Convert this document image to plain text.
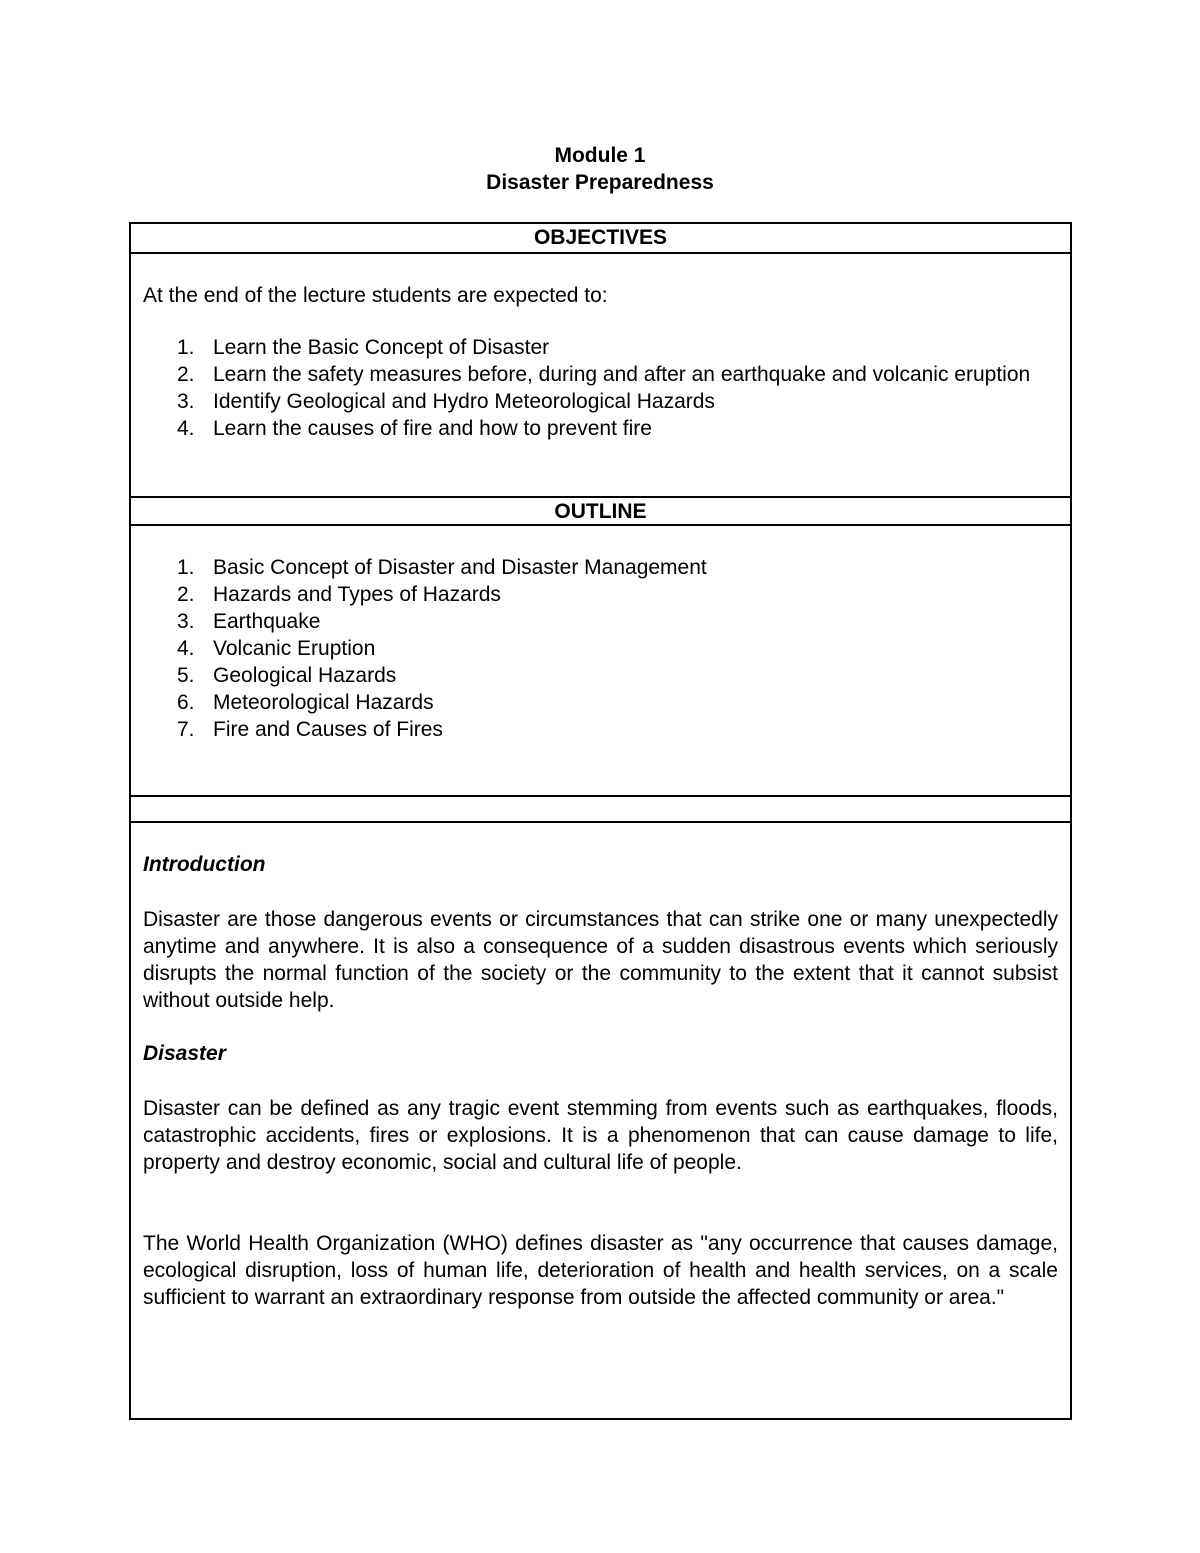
Module 1
Disaster Preparedness
OBJECTIVES
At the end of the lecture students are expected to:
1. Learn the Basic Concept of Disaster
2. Learn the safety measures before, during and after an earthquake and volcanic eruption
3. Identify Geological and Hydro Meteorological Hazards
4. Learn the causes of fire and how to prevent fire
OUTLINE
1. Basic Concept of Disaster and Disaster Management
2. Hazards and Types of Hazards
3. Earthquake
4. Volcanic Eruption
5. Geological Hazards
6. Meteorological Hazards
7. Fire and Causes of Fires
Introduction

Disaster are those dangerous events or circumstances that can strike one or many unexpectedly anytime and anywhere. It is also a consequence of a sudden disastrous events which seriously disrupts the normal function of the society or the community to the extent that it cannot subsist without outside help.

Disaster

Disaster can be defined as any tragic event stemming from events such as earthquakes, floods, catastrophic accidents, fires or explosions. It is a phenomenon that can cause damage to life, property and destroy economic, social and cultural life of people.

The World Health Organization (WHO) defines disaster as "any occurrence that causes damage, ecological disruption, loss of human life, deterioration of health and health services, on a scale sufficient to warrant an extraordinary response from outside the affected community or area."
